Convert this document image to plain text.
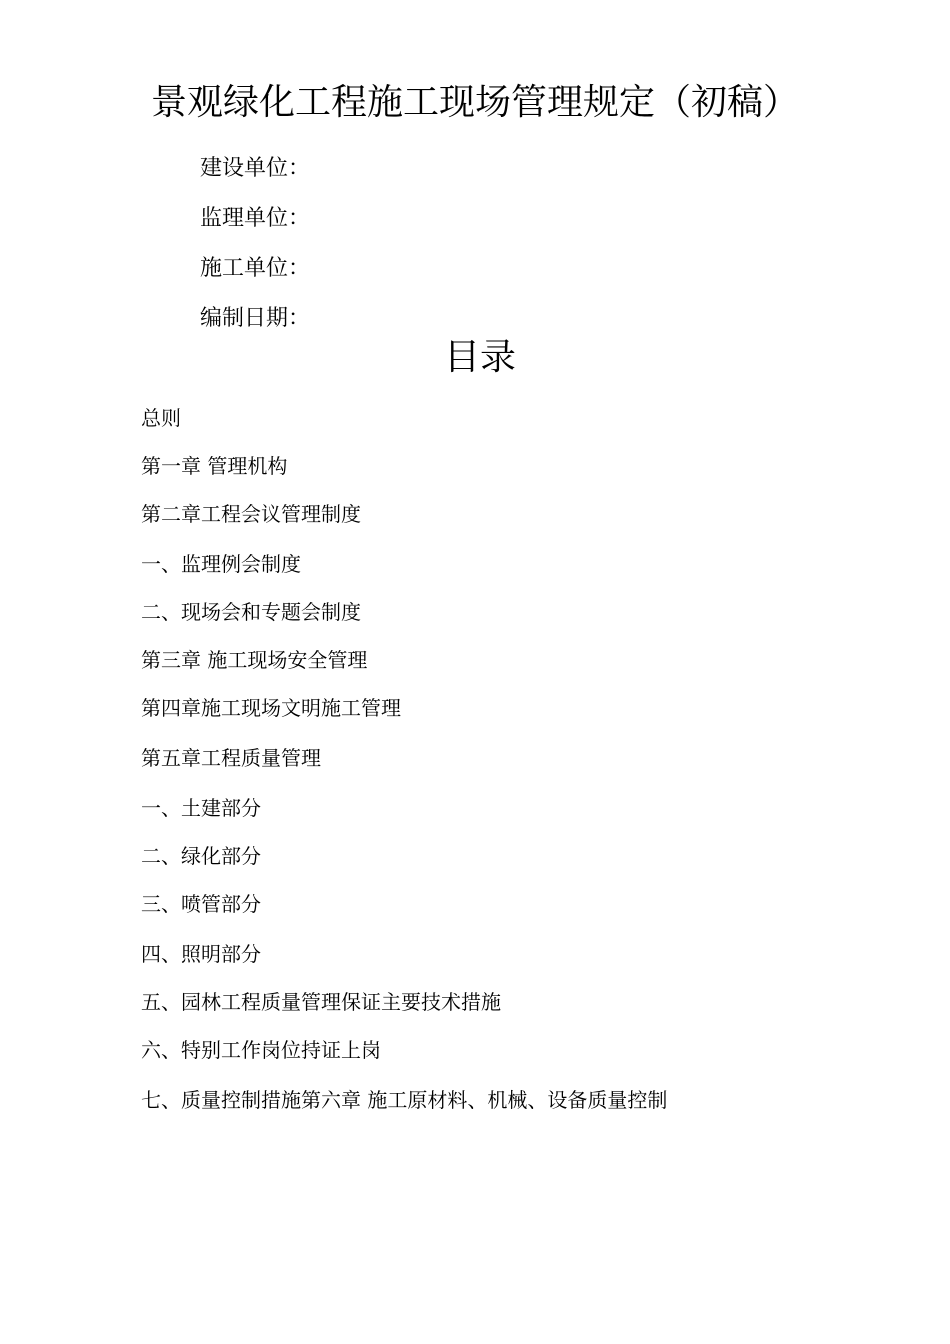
景观绿化工程施工现场管理规定（初稿）
建设单位：
监理单位：
施工单位：
编制日期：
目录
总则
第一章 管理机构
第二章工程会议管理制度
一、监理例会制度
二、现场会和专题会制度
第三章 施工现场安全管理
第四章施工现场文明施工管理
第五章工程质量管理
一、土建部分
二、绿化部分
三、喷管部分
四、照明部分
五、园林工程质量管理保证主要技术措施
六、特别工作岗位持证上岗
七、质量控制措施第六章 施工原材料、机械、设备质量控制
